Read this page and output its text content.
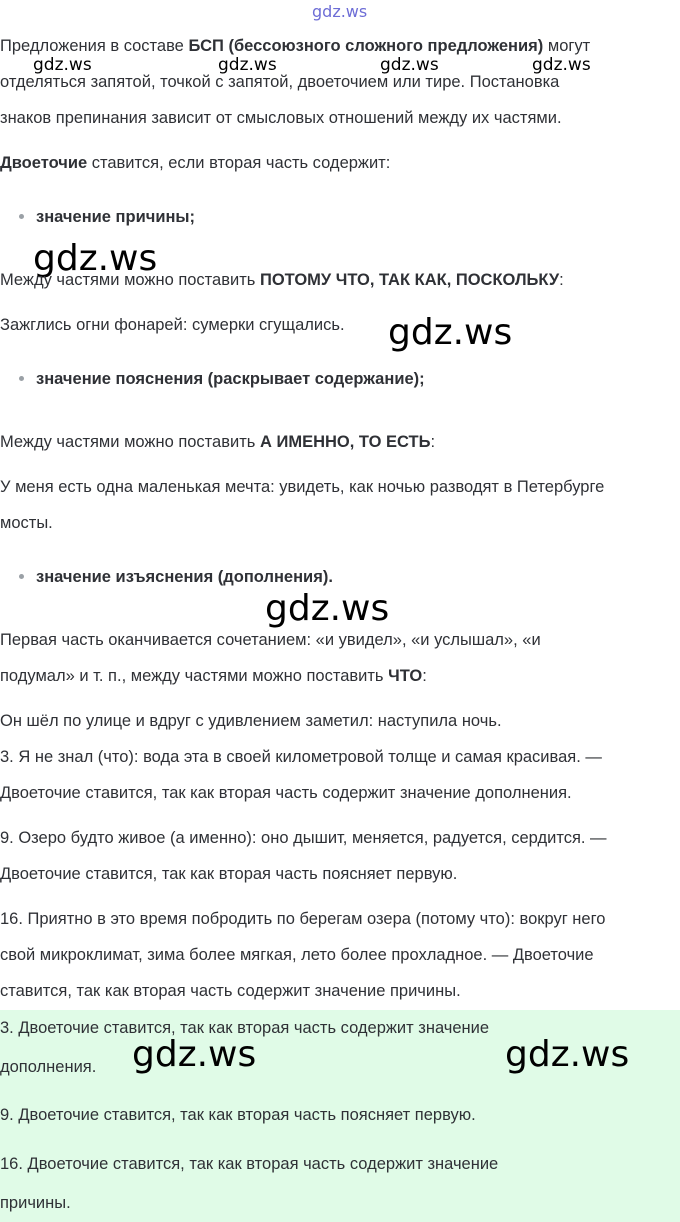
gdz.ws
gdz.ws	gdz.ws	gdz.ws	gdz.ws
Предложения в составе БСП (бессоюзного сложного предложения) могут
отделяться запятой, точкой с запятой, двоеточием или тире. Постановка
знаков препинания зависит от смысловых отношений между их частями.
Двоеточие ставится, если вторая часть содержит:
значение причины;
gdz.ws
Между частями можно поставить ПОТОМУ ЧТО, ТАК КАК, ПОСКОЛЬКУ:
Зажглись огни фонарей: сумерки сгущались. gdz.ws
значение пояснения (раскрывает содержание);
Между частями можно поставить А ИМЕННО, ТО ЕСТЬ:
У меня есть одна маленькая мечта: увидеть, как ночью разводят в Петербурге
мосты.
значение изъяснения (дополнения).
gdz.ws
Первая часть оканчивается сочетанием: «и увидел», «и услышал», «и
подумал» и т. п., между частями можно поставить ЧТО:
Он шёл по улице и вдруг с удивлением заметил: наступила ночь.
3. Я не знал (что): вода эта в своей километровой толще и самая красивая. —
Двоеточие ставится, так как вторая часть содержит значение дополнения.
9. Озеро будто живое (а именно): оно дышит, меняется, радуется, сердится. —
Двоеточие ставится, так как вторая часть поясняет первую.
16. Приятно в это время побродить по берегам озера (потому что): вокруг него
свой микроклимат, зима более мягкая, лето более прохладное. — Двоеточие
ставится, так как вторая часть содержит значение причины.
3. Двоеточие ставится, так как вторая часть содержит значение
дополнения. gdz.ws	gdz.ws
9. Двоеточие ставится, так как вторая часть поясняет первую.
16. Двоеточие ставится, так как вторая часть содержит значение
причины.
